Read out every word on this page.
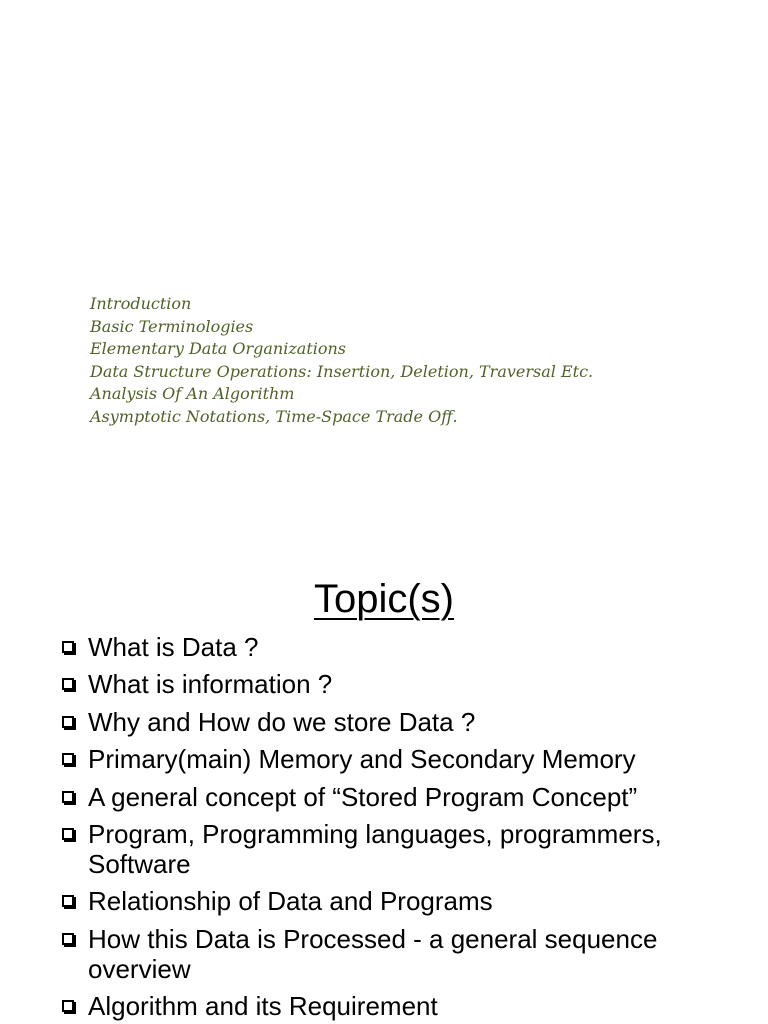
Introduction
Basic Terminologies
Elementary Data Organizations
Data Structure Operations: Insertion, Deletion, Traversal Etc.
Analysis Of An Algorithm
Asymptotic Notations, Time-Space Trade Off.
Topic(s)
What is Data ?
What is information ?
Why and How do we store Data ?
Primary(main) Memory and Secondary Memory
A general concept of “Stored Program Concept”
Program, Programming languages, programmers, Software
Relationship of Data and Programs
How this Data is Processed - a general sequence overview
Algorithm and its Requirement
